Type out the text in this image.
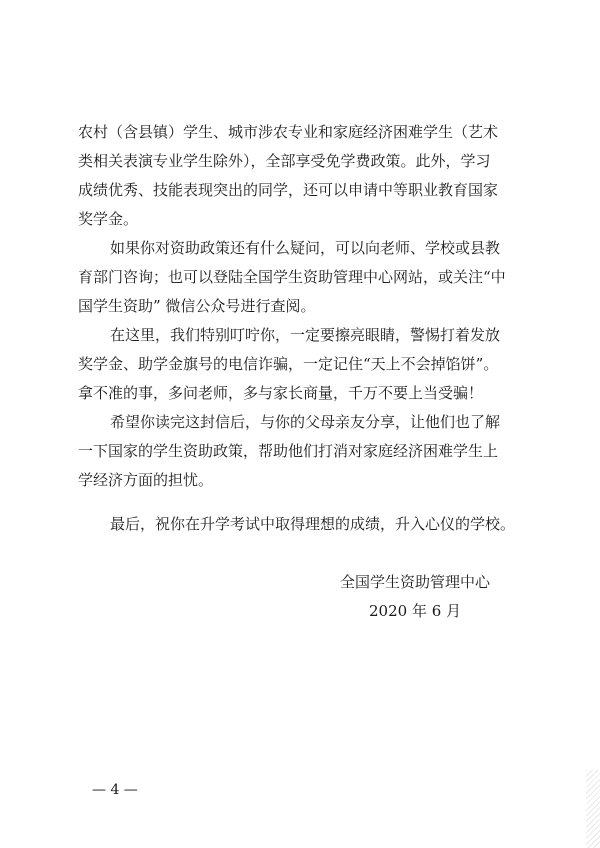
农村（含县镇）学生、城市涉农专业和家庭经济困难学生（艺术
类相关表演专业学生除外），全部享受免学费政策。此外，学习
成绩优秀、技能表现突出的同学，还可以申请中等职业教育国家
奖学金。
如果你对资助政策还有什么疑问，可以向老师、学校或县教
育部门咨询；也可以登陆全国学生资助管理中心网站，或关注“中
国学生资助” 微信公众号进行查阅。
在这里，我们特别叮咛你，一定要擦亮眼睛，警惕打着发放
奖学金、助学金旗号的电信诈骗，一定记住“天上不会掉馅饼”。
拿不准的事，多问老师，多与家长商量，千万不要上当受骗！
希望你读完这封信后，与你的父母亲友分享，让他们也了解
一下国家的学生资助政策，帮助他们打消对家庭经济困难学生上
学经济方面的担忧。
最后，祝你在升学考试中取得理想的成绩，升入心仪的学校。
全国学生资助管理中心
2020 年 6 月
— 4 —
